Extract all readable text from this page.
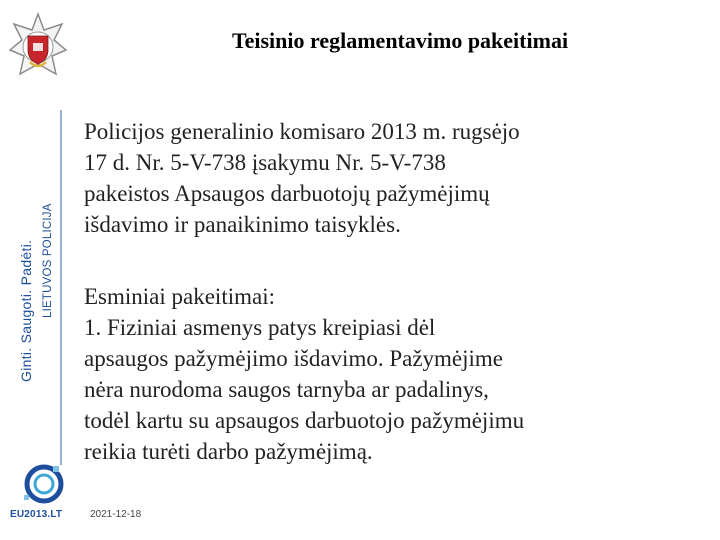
Teisinio reglamentavimo pakeitimai
Ginti. Saugoti. Padėti. LIETUVOS POLICIJA
Policijos generalinio komisaro 2013 m. rugsėjo
17 d. Nr. 5-V-738 įsakymu Nr. 5-V-738
pakeistos Apsaugos darbuotojų pažymėjimų
išdavimo ir panaikinimo taisyklės.
Esminiai pakeitimai:
1. Fiziniai asmenys patys kreipiasi dėl
apsaugos pažymėjimo išdavimo. Pažymėjime
nėra nurodoma saugos tarnyba ar padalinys,
todėl kartu su apsaugos darbuotojo pažymėjimu
reikia turėti darbo pažymėjimą.
EU2013.LT	2021-12-18
